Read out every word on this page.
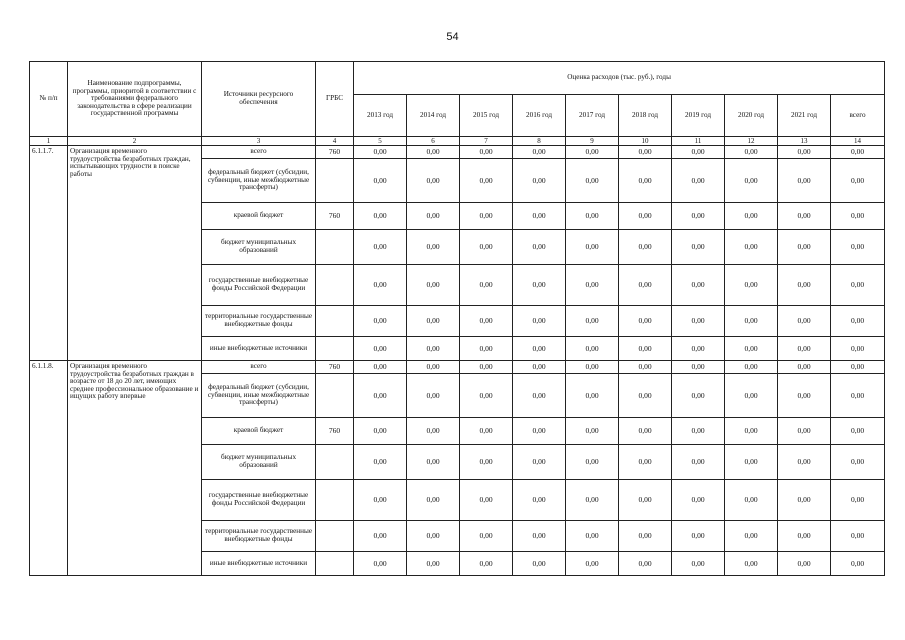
54
№ п/п	Наименование подпрограммы, программы, приоритой в соответствии с требованиями федерального законодательства в сфере реализации государственной программы	Источники ресурсного обеспечения	ГРБС	Оценка расходов (тыс. руб.), годы									
				2013 год	2014 год	2015 год	2016 год	2017 год	2018 год	2019 год	2020 год	2021 год	всего
1	2	3	4	5	6	7	8	9	10	11	12	13	14
6.1.1.7.	Организация временного трудоустройства безработных граждан, испытывающих трудности в поиске работы	всего	760	0,00	0,00	0,00	0,00	0,00	0,00	0,00	0,00	0,00	0,00
		федеральный бюджет (субсидии, субвенции, иные межбюджетные трансферты)		0,00	0,00	0,00	0,00	0,00	0,00	0,00	0,00	0,00	0,00
		краевой бюджет	760	0,00	0,00	0,00	0,00	0,00	0,00	0,00	0,00	0,00	0,00
		бюджет муниципальных образований		0,00	0,00	0,00	0,00	0,00	0,00	0,00	0,00	0,00	0,00
		государственные внебюджетные фонды Российской Федерации		0,00	0,00	0,00	0,00	0,00	0,00	0,00	0,00	0,00	0,00
		территориальные государственные внебюджетные фонды		0,00	0,00	0,00	0,00	0,00	0,00	0,00	0,00	0,00	0,00
		иные внебюджетные источники		0,00	0,00	0,00	0,00	0,00	0,00	0,00	0,00	0,00	0,00
6.1.1.8.	Организация временного трудоустройства безработных граждан в возрасте от 18 до 20 лет, имеющих среднее профессиональное образование и ищущих работу впервые	всего	760	0,00	0,00	0,00	0,00	0,00	0,00	0,00	0,00	0,00	0,00
		федеральный бюджет (субсидии, субвенции, иные межбюджетные трансферты)		0,00	0,00	0,00	0,00	0,00	0,00	0,00	0,00	0,00	0,00
		краевой бюджет	760	0,00	0,00	0,00	0,00	0,00	0,00	0,00	0,00	0,00	0,00
		бюджет муниципальных образований		0,00	0,00	0,00	0,00	0,00	0,00	0,00	0,00	0,00	0,00
		государственные внебюджетные фонды Российской Федерации		0,00	0,00	0,00	0,00	0,00	0,00	0,00	0,00	0,00	0,00
		территориальные государственные внебюджетные фонды		0,00	0,00	0,00	0,00	0,00	0,00	0,00	0,00	0,00	0,00
		иные внебюджетные источники		0,00	0,00	0,00	0,00	0,00	0,00	0,00	0,00	0,00	0,00
